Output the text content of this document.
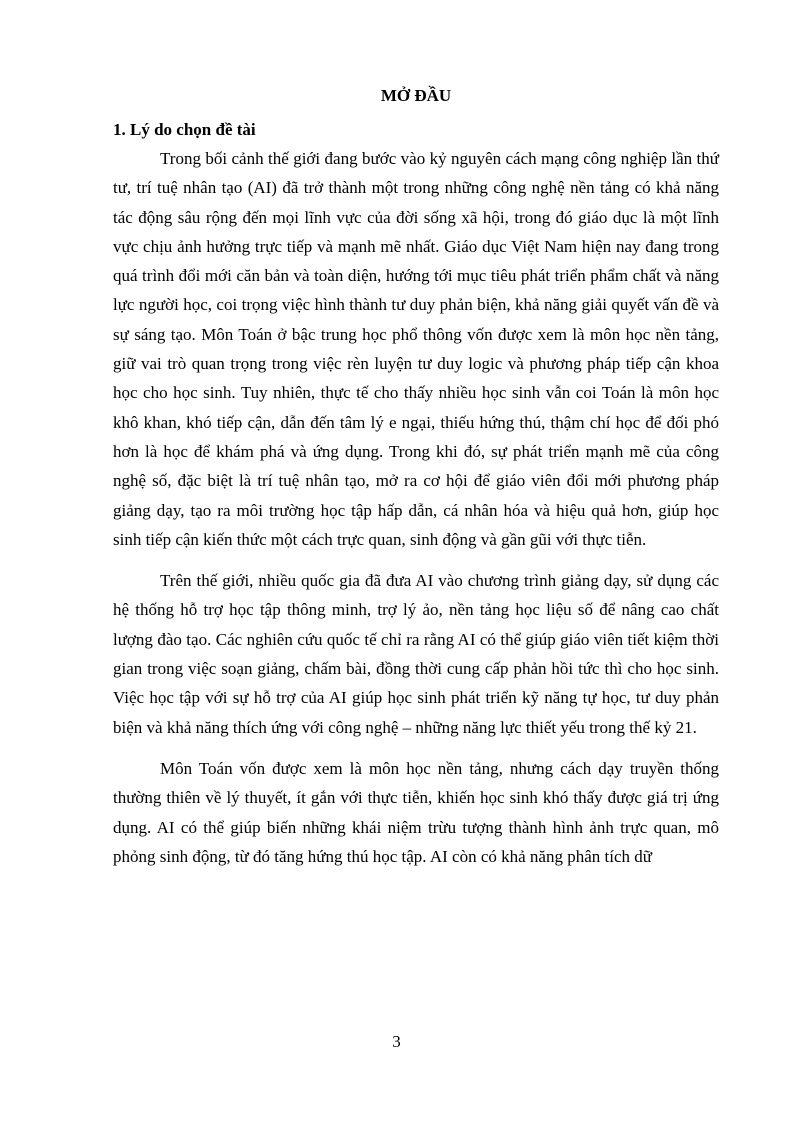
MỞ ĐẦU
1. Lý do chọn đề tài

Trong bối cảnh thế giới đang bước vào kỷ nguyên cách mạng công nghiệp lần thứ tư, trí tuệ nhân tạo (AI) đã trở thành một trong những công nghệ nền tảng có khả năng tác động sâu rộng đến mọi lĩnh vực của đời sống xã hội, trong đó giáo dục là một lĩnh vực chịu ảnh hưởng trực tiếp và mạnh mẽ nhất. Giáo dục Việt Nam hiện nay đang trong quá trình đổi mới căn bản và toàn diện, hướng tới mục tiêu phát triển phẩm chất và năng lực người học, coi trọng việc hình thành tư duy phản biện, khả năng giải quyết vấn đề và sự sáng tạo. Môn Toán ở bậc trung học phổ thông vốn được xem là môn học nền tảng, giữ vai trò quan trọng trong việc rèn luyện tư duy logic và phương pháp tiếp cận khoa học cho học sinh. Tuy nhiên, thực tế cho thấy nhiều học sinh vẫn coi Toán là môn học khô khan, khó tiếp cận, dẫn đến tâm lý e ngại, thiếu hứng thú, thậm chí học để đối phó hơn là học để khám phá và ứng dụng. Trong khi đó, sự phát triển mạnh mẽ của công nghệ số, đặc biệt là trí tuệ nhân tạo, mở ra cơ hội để giáo viên đổi mới phương pháp giảng dạy, tạo ra môi trường học tập hấp dẫn, cá nhân hóa và hiệu quả hơn, giúp học sinh tiếp cận kiến thức một cách trực quan, sinh động và gần gũi với thực tiễn.

Trên thế giới, nhiều quốc gia đã đưa AI vào chương trình giảng dạy, sử dụng các hệ thống hỗ trợ học tập thông minh, trợ lý ảo, nền tảng học liệu số để nâng cao chất lượng đào tạo. Các nghiên cứu quốc tế chỉ ra rằng AI có thể giúp giáo viên tiết kiệm thời gian trong việc soạn giảng, chấm bài, đồng thời cung cấp phản hồi tức thì cho học sinh. Việc học tập với sự hỗ trợ của AI giúp học sinh phát triển kỹ năng tự học, tư duy phản biện và khả năng thích ứng với công nghệ – những năng lực thiết yếu trong thế kỷ 21.

Môn Toán vốn được xem là môn học nền tảng, nhưng cách dạy truyền thống thường thiên về lý thuyết, ít gắn với thực tiễn, khiến học sinh khó thấy được giá trị ứng dụng. AI có thể giúp biến những khái niệm trừu tượng thành hình ảnh trực quan, mô phỏng sinh động, từ đó tăng hứng thú học tập. AI còn có khả năng phân tích dữ

3
